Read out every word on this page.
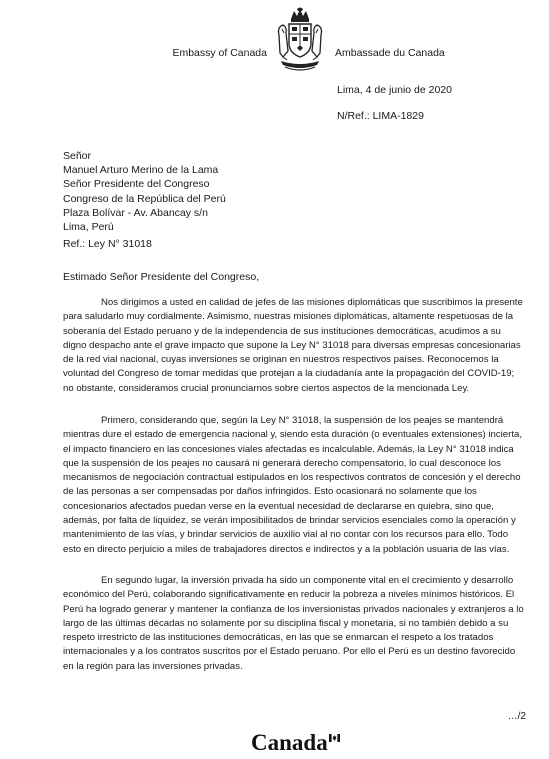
Embassy of Canada	Ambassade du Canada
Lima, 4 de junio de 2020
N/Ref.: LIMA-1829
Señor
Manuel Arturo Merino de la Lama
Señor Presidente del Congreso
Congreso de la República del Perú
Plaza Bolívar - Av. Abancay s/n
Lima, Perú
Ref.: Ley N° 31018
Estimado Señor Presidente del Congreso,

Nos dirigimos a usted en calidad de jefes de las misiones diplomáticas que suscribimos la presente para saludarlo muy cordialmente. Asimismo, nuestras misiones diplomáticas, altamente respetuosas de la soberanía del Estado peruano y de la independencia de sus instituciones democráticas, acudimos a su digno despacho ante el grave impacto que supone la Ley N° 31018 para diversas empresas concesionarias de la red vial nacional, cuyas inversiones se originan en nuestros respectivos países. Reconocemos la voluntad del Congreso de tomar medidas que protejan a la ciudadanía ante la propagación del COVID-19; no obstante, consideramos crucial pronunciarnos sobre ciertos aspectos de la mencionada Ley.

Primero, considerando que, según la Ley N° 31018, la suspensión de los peajes se mantendrá mientras dure el estado de emergencia nacional y, siendo esta duración (o eventuales extensiones) incierta, el impacto financiero en las concesiones viales afectadas es incalculable. Además, la Ley N° 31018 indica que la suspensión de los peajes no causará ni generará derecho compensatorio, lo cual desconoce los mecanismos de negociación contractual estipulados en los respectivos contratos de concesión y el derecho de las personas a ser compensadas por daños infringidos. Esto ocasionará no solamente que los concesionarios afectados puedan verse en la eventual necesidad de declararse en quiebra, sino que, además, por falta de liquidez, se verán imposibilitados de brindar servicios esenciales como la operación y mantenimiento de las vías, y brindar servicios de auxilio vial al no contar con los recursos para ello. Todo esto en directo perjuicio a miles de trabajadores directos e indirectos y a la población usuaria de las vías.

En segundo lugar, la inversión privada ha sido un componente vital en el crecimiento y desarrollo económico del Perú, colaborando significativamente en reducir la pobreza a niveles mínimos históricos. El Perú ha logrado generar y mantener la confianza de los inversionistas privados nacionales y extranjeros a lo largo de las últimas décadas no solamente por su disciplina fiscal y monetaria, si no también debido a su respeto irrestricto de las instituciones democráticas, en las que se enmarcan el respeto a los tratados internacionales y a los contratos suscritos por el Estado peruano. Por ello el Perú es un destino favorecido en la región para las inversiones privadas.

…/2
Canada
